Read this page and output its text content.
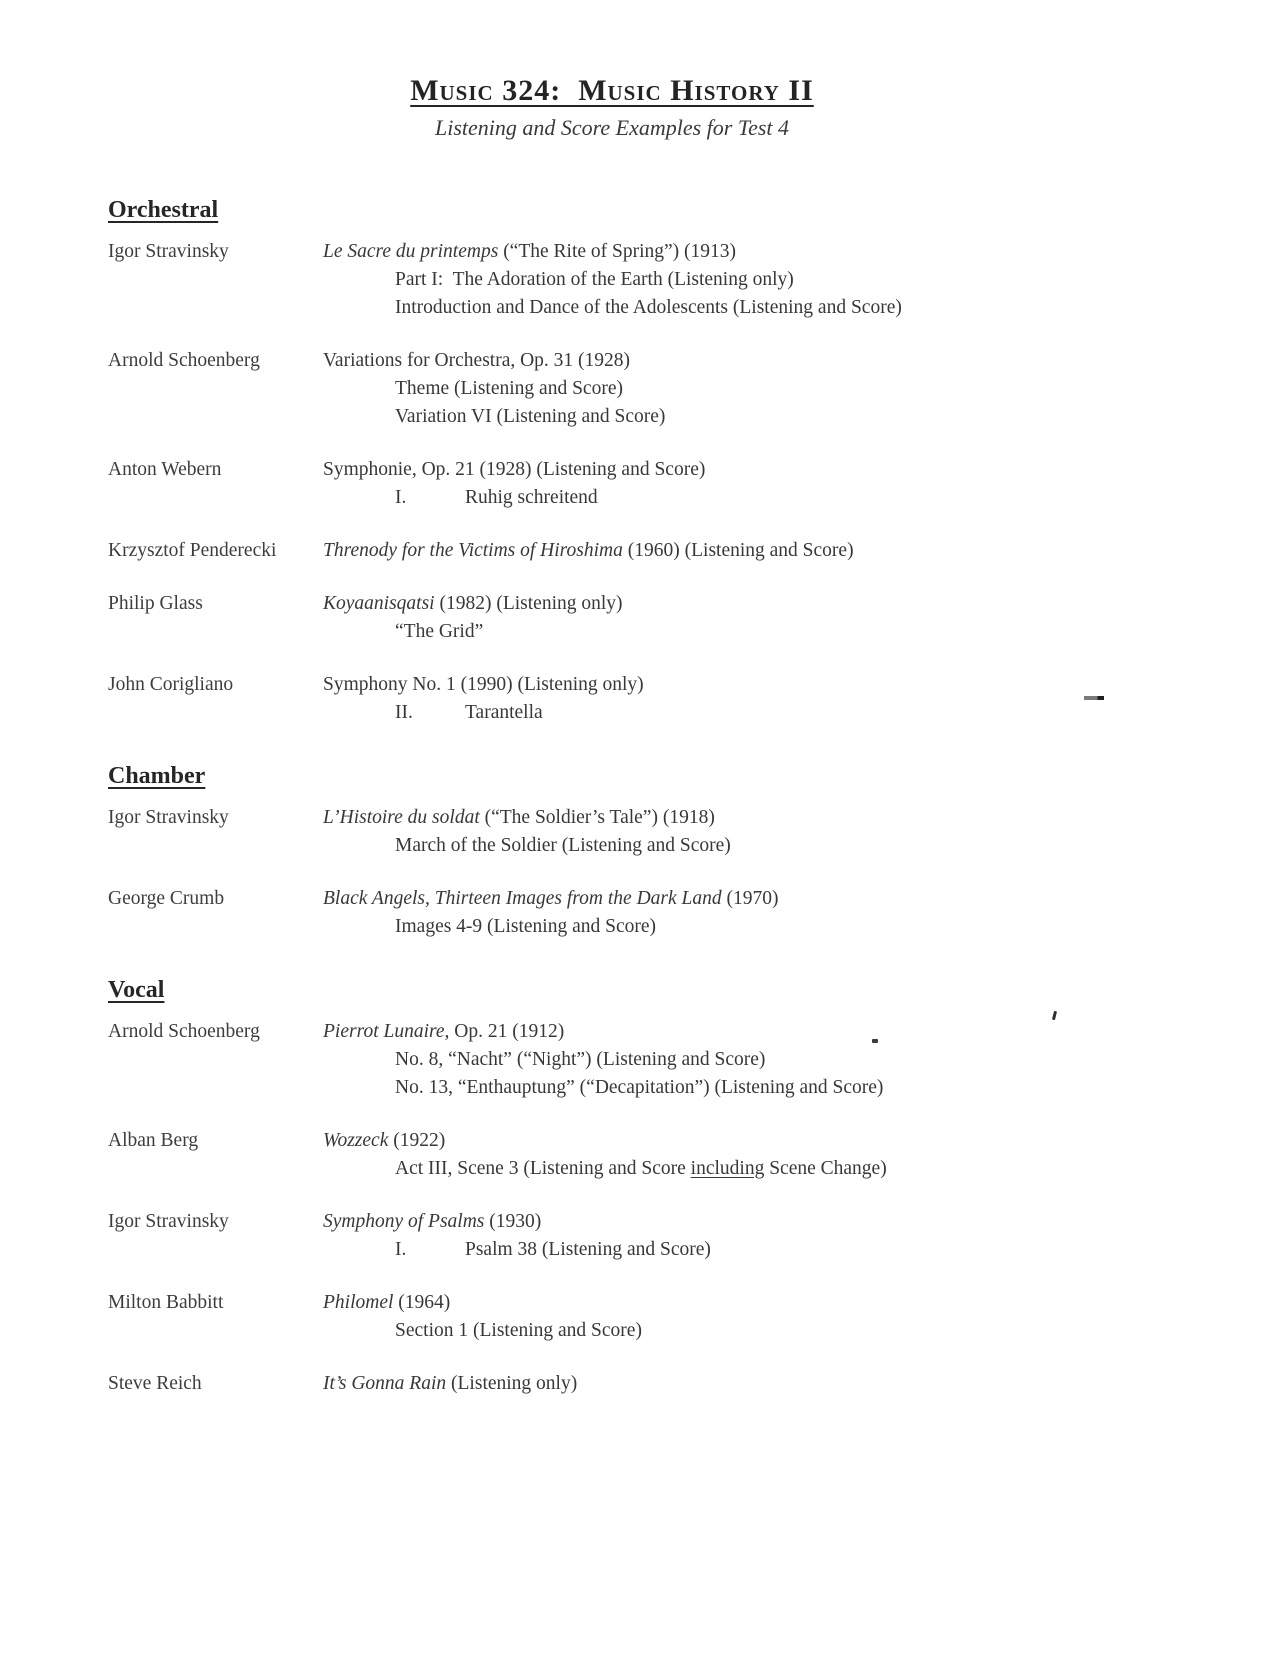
Music 324:  Music History II
Listening and Score Examples for Test 4
Orchestral
Igor Stravinsky	Le Sacre du printemps (“The Rite of Spring”) (1913)
Part I:  The Adoration of the Earth (Listening only)
Introduction and Dance of the Adolescents (Listening and Score)
Arnold Schoenberg	Variations for Orchestra, Op. 31 (1928)
Theme (Listening and Score)
Variation VI (Listening and Score)
Anton Webern	Symphonie, Op. 21 (1928) (Listening and Score)
I.	Ruhig schreitend
Krzysztof Penderecki	Threnody for the Victims of Hiroshima (1960) (Listening and Score)
Philip Glass	Koyaanisqatsi (1982) (Listening only)
“The Grid”
John Corigliano	Symphony No. 1 (1990) (Listening only)
II.	Tarantella
Chamber
Igor Stravinsky	L’Histoire du soldat (“The Soldier’s Tale”) (1918)
March of the Soldier (Listening and Score)
George Crumb	Black Angels, Thirteen Images from the Dark Land (1970)
Images 4-9 (Listening and Score)
Vocal
Arnold Schoenberg	Pierrot Lunaire, Op. 21 (1912)
No. 8, “Nacht” (“Night”) (Listening and Score)
No. 13, “Enthauptung” (“Decapitation”) (Listening and Score)
Alban Berg	Wozzeck (1922)
Act III, Scene 3 (Listening and Score including Scene Change)
Igor Stravinsky	Symphony of Psalms (1930)
I.	Psalm 38 (Listening and Score)
Milton Babbitt	Philomel (1964)
Section 1 (Listening and Score)
Steve Reich	It’s Gonna Rain (Listening only)
